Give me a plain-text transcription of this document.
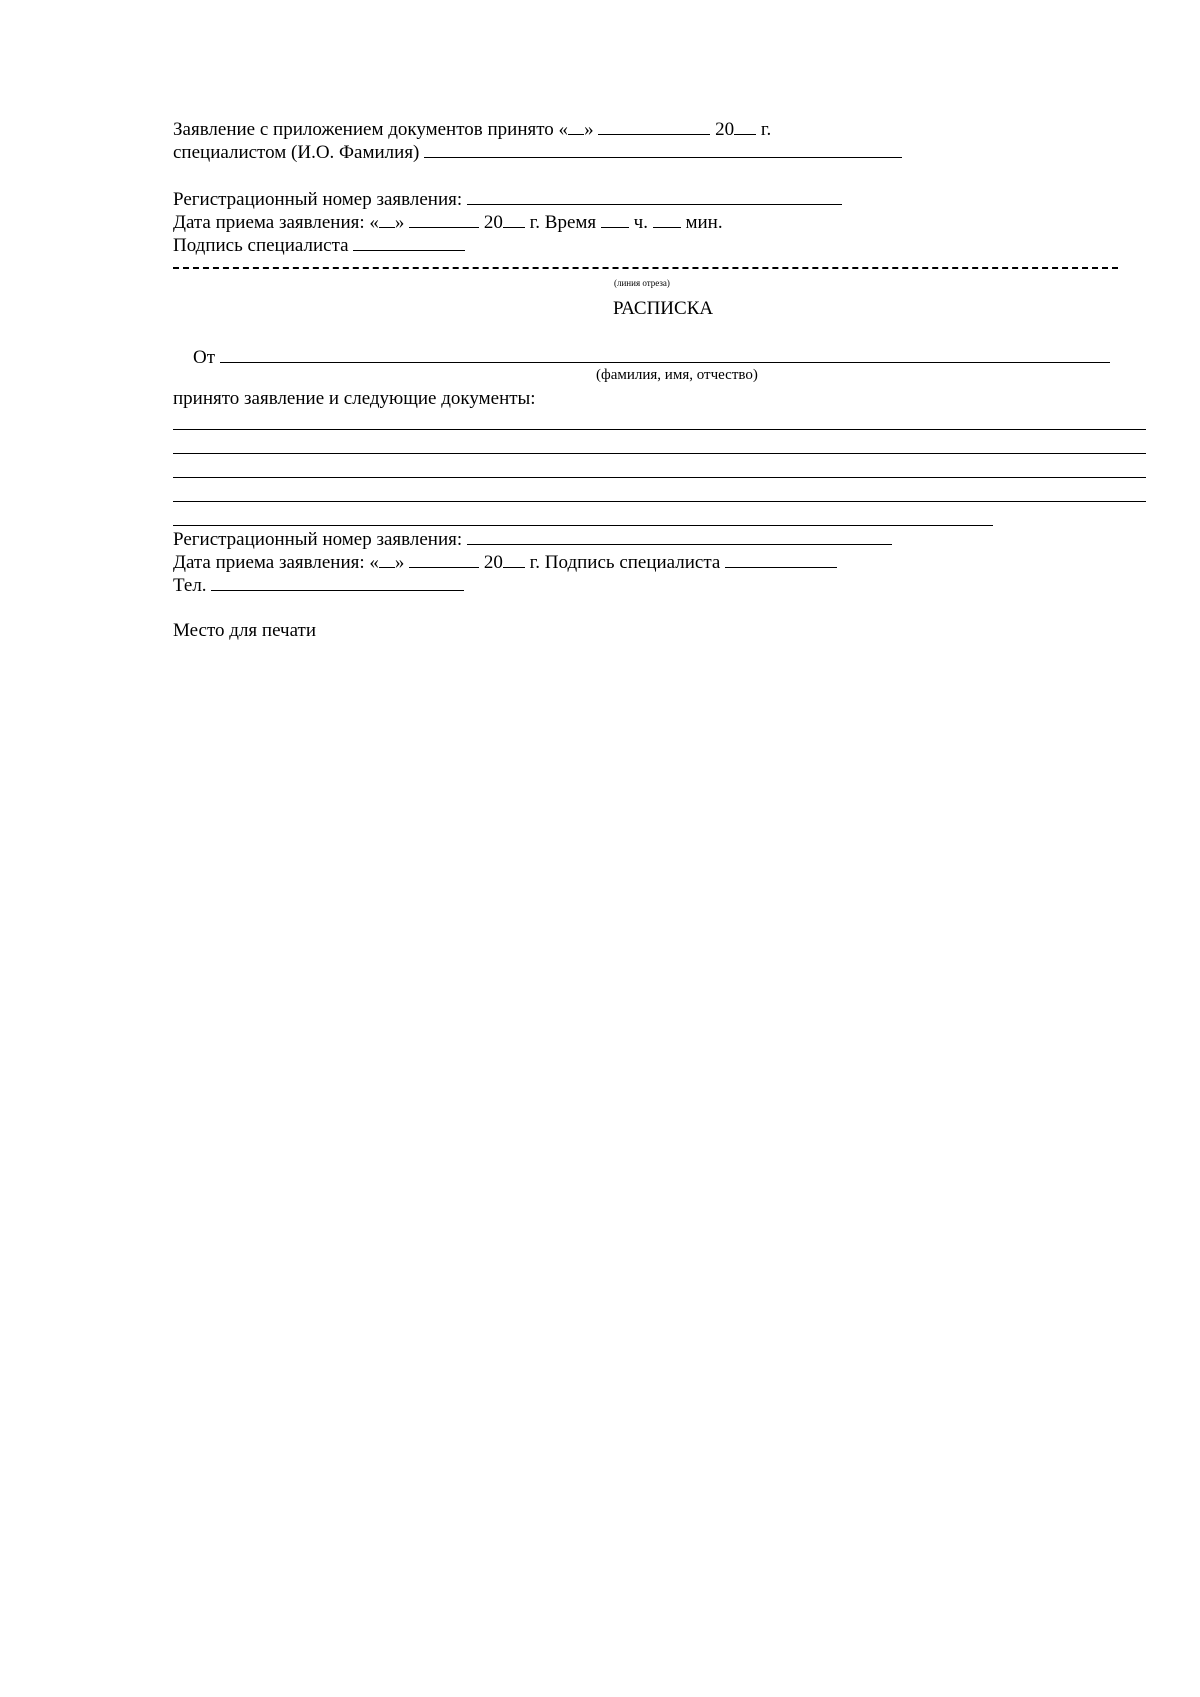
Заявление с приложением документов принято « »	20 г.
специалистом (И.О. Фамилия)
Регистрационный номер заявления:
Дата приема заявления: « »	20 г. Время  ч.  мин.
Подпись специалиста
(линия отреза)
РАСПИСКА
От
(фамилия, имя, отчество)
принято заявление и следующие документы:
Регистрационный номер заявления:
Дата приема заявления: « »	20 г. Подпись специалиста
Тел.
Место для печати
